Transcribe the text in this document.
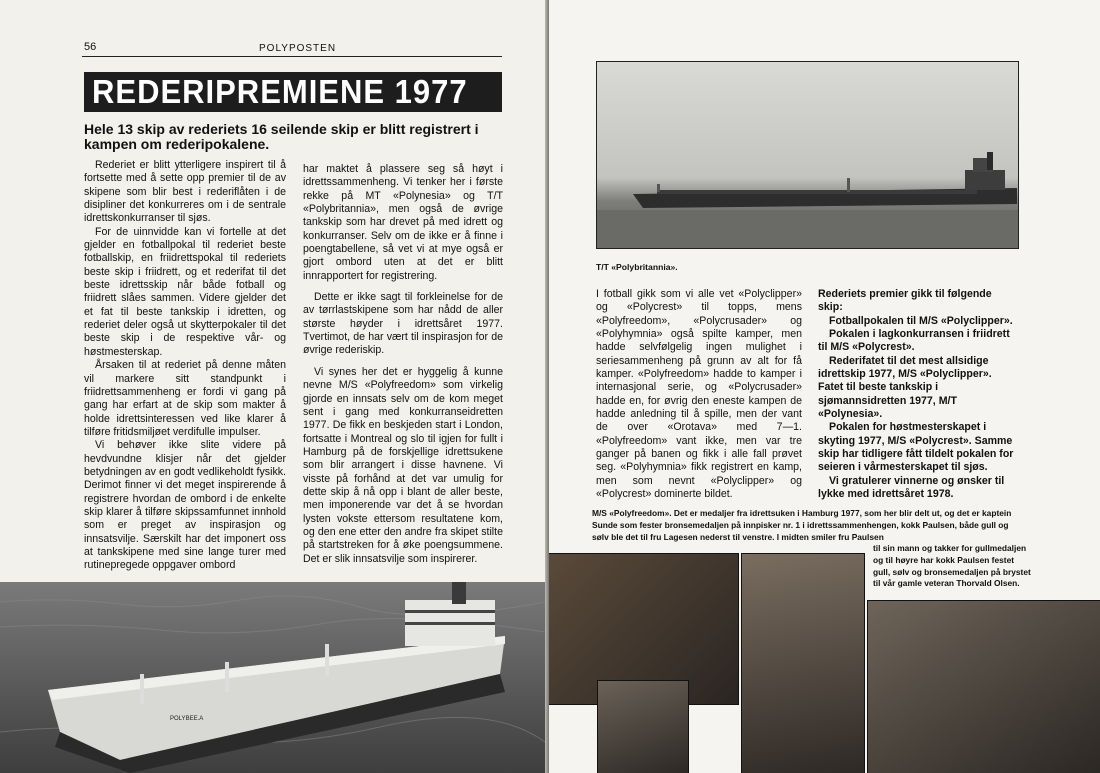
56	POLYPOSTEN
REDERIPREMIENE 1977
Hele 13 skip av rederiets 16 seilende skip er blitt registrert i kampen om rederipokalene.

Rederiet er blitt ytterligere inspirert til å fortsette med å sette opp premier til de av skipene som blir best i rederiflåten i de disipliner det konkurreres om i de sentrale idrettskonkurranser til sjøs.

For de uinnvidde kan vi fortelle at det gjelder en fotballpokal til rederiet beste fotballskip, en friidrettspokal til rederiets beste skip i friidrett, og et rederifat til det beste idrettsskip når både fotball og friidrett slåes sammen. Videre gjelder det et fat til beste tankskip i idretten, og rederiet deler også ut skytterpokaler til det beste skip i de respektive vår- og høstmesterskap.

Årsaken til at rederiet på denne måten vil markere sitt standpunkt i friidrettsammenheng er fordi vi gang på gang har erfart at de skip som makter å holde idrettsinteressen ved like klarer å tilføre fritidsmiljøet verdifulle impulser.

Vi behøver ikke slite videre på hevdvundne klisjer når det gjelder betydningen av en godt vedlikeholdt fysikk. Derimot finner vi det meget inspirerende å registrere hvordan de ombord i de enkelte skip klarer å tilføre skipssamfunnet innhold som er preget av inspirasjon og innsatsvilje. Særskilt har det imponert oss at tankskipene med sine lange turer med rutinepregede oppgaver ombord

har maktet å plassere seg så høyt i idrettssammenheng. Vi tenker her i første rekke på MT «Polynesia» og T/T «Polybritannia», men også de øvrige tankskip som har drevet på med idrett og konkurranser. Selv om de ikke er å finne i poengtabellene, så vet vi at mye også er gjort ombord uten at det er blitt innrapportert for registrering.

Dette er ikke sagt til forkleinelse for de av tørrlastskipene som har nådd de aller største høyder i idrettsåret 1977. Tvertimot, de har vært til inspirasjon for de øvrige rederiskip.

Vi synes her det er hyggelig å kunne nevne M/S «Polyfreedom» som virkelig gjorde en innsats selv om de kom meget sent i gang med konkurranseidretten 1977. De fikk en beskjeden start i London, fortsatte i Montreal og slo til igjen for fullt i Hamburg på de forskjellige idrettsukene som blir arrangert i disse havnene. Vi visste på forhånd at det var umulig for dette skip å nå opp i blant de aller beste, men imponerende var det å se hvordan lysten vokste ettersom resultatene kom, og den ene etter den andre fra skipet stilte på startstreken for å øke poengsummene. Det er slik innsatsvilje som inspirerer.

POLYBEE.A
T/T «Polybritannia».
I fotball gikk som vi alle vet «Polyclipper» og «Polycrest» til topps, mens «Polyfreedom», «Polycrusader» og «Polyhymnia» også spilte kamper, men hadde selvfølgelig ingen mulighet i seriesammenheng på grunn av alt for få kamper. «Polyfreedom» hadde to kamper i internasjonal serie, og «Polycrusader» hadde en, for øvrig den eneste kampen de hadde anledning til å spille, men der vant de over «Orotava» med 7—1. «Polyfreedom» vant ikke, men var tre ganger på banen og fikk i alle fall prøvet seg. «Polyhymnia» fikk registrert en kamp, men som nevnt «Polyclipper» og «Polycrest» dominerte bildet.

Rederiets premier gikk til følgende skip:

Fotballpokalen til M/S «Polyclipper».

Pokalen i lagkonkurransen i friidrett til M/S «Polycrest».

Rederifatet til det mest allsidige idrettskip 1977, M/S «Polyclipper». Fatet til beste tankskip i sjømannsidretten 1977, M/T «Polynesia».

Pokalen for høstmesterskapet i skyting 1977, M/S «Polycrest». Samme skip har tidligere fått tildelt pokalen for seieren i vårmesterskapet til sjøs.

Vi gratulerer vinnerne og ønsker til lykke med idrettsåret 1978.

M/S «Polyfreedom». Det er medaljer fra idrettsuken i Hamburg 1977, som her blir delt ut, og det er kaptein Sunde som fester bronsemedaljen på innpisker nr. 1 i idrettssammenhengen, kokk Paulsen, både gull og sølv ble det til fru Lagesen nederst til venstre. I midten smiler fru Paulsen
til sin mann og takker for gullmedaljen og til høyre har kokk Paulsen festet gull, sølv og bronsemedaljen på brystet til vår gamle veteran Thorvald Olsen.
